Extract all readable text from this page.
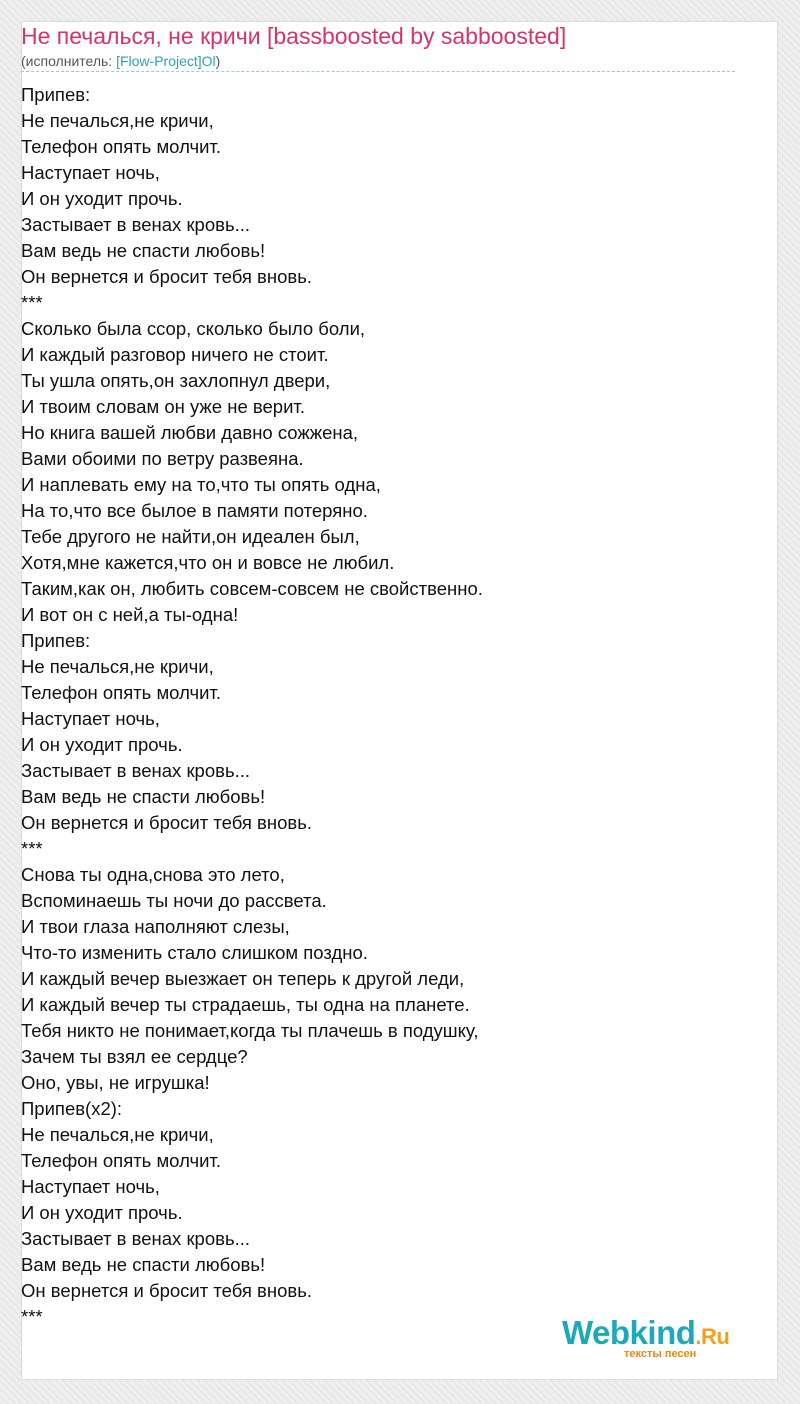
Не печалься, не кричи [bassboosted by sabboosted]
(исполнитель: [Flow-Project]Ol)
Припев:
Не печалься,не кричи,
Телефон опять молчит.
Наступает ночь,
И он уходит прочь.
Застывает в венах кровь...
Вам ведь не спасти любовь!
Он вернется и бросит тебя вновь.
***
Сколько была ссор, сколько было боли,
И каждый разговор ничего не стоит.
Ты ушла опять,он захлопнул двери,
И твоим словам он уже не верит.
Но книга вашей любви давно сожжена,
Вами обоими по ветру развеяна.
И наплевать ему на то,что ты опять одна,
На то,что все былое в памяти потеряно.
Тебе другого не найти,он идеален был,
Хотя,мне кажется,что он и вовсе не любил.
Таким,как он, любить совсем-совсем не свойственно.
И вот он с ней,а ты-одна!
Припев:
Не печалься,не кричи,
Телефон опять молчит.
Наступает ночь,
И он уходит прочь.
Застывает в венах кровь...
Вам ведь не спасти любовь!
Он вернется и бросит тебя вновь.
***
Снова ты одна,снова это лето,
Вспоминаешь ты ночи до рассвета.
И твои глаза наполняют слезы,
Что-то изменить стало слишком поздно.
И каждый вечер выезжает он теперь к другой леди,
И каждый вечер ты страдаешь, ты одна на планете.
Тебя никто не понимает,когда ты плачешь в подушку,
Зачем ты взял ее сердце?
Оно, увы, не игрушка!
Припев(x2):
Не печалься,не кричи,
Телефон опять молчит.
Наступает ночь,
И он уходит прочь.
Застывает в венах кровь...
Вам ведь не спасти любовь!
Он вернется и бросит тебя вновь.
***	Webkind.Ru
тексты песен
